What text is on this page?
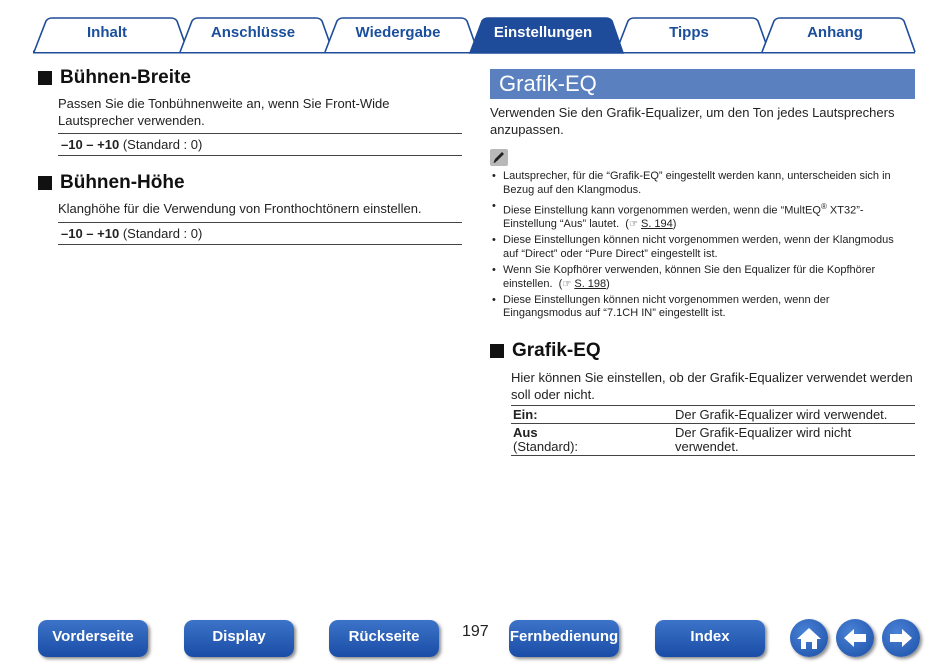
Inhalt	Anschlüsse	Wiedergabe	Einstellungen	Tipps	Anhang
Bühnen-Breite
Passen Sie die Tonbühnenweite an, wenn Sie Front-Wide Lautsprecher verwenden.
–10 – +10 (Standard : 0)
Bühnen-Höhe
Klanghöhe für die Verwendung von Fronthochtönern einstellen.
–10 – +10 (Standard : 0)
Grafik-EQ
Verwenden Sie den Grafik-Equalizer, um den Ton jedes Lautsprechers anzupassen.
• Lautsprecher, für die “Grafik-EQ” eingestellt werden kann, unterscheiden sich in Bezug auf den Klangmodus.
• Diese Einstellung kann vorgenommen werden, wenn die “MultEQ® XT32”-Einstellung “Aus” lautet.  (☞ S. 194)
• Diese Einstellungen können nicht vorgenommen werden, wenn der Klangmodus auf “Direct” oder “Pure Direct” eingestellt ist.
• Wenn Sie Kopfhörer verwenden, können Sie den Equalizer für die Kopfhörer einstellen.  (☞ S. 198)
• Diese Einstellungen können nicht vorgenommen werden, wenn der Eingangsmodus auf “7.1CH IN” eingestellt ist.
Grafik-EQ
Hier können Sie einstellen, ob der Grafik-Equalizer verwendet werden soll oder nicht.
Ein:	Der Grafik-Equalizer wird verwendet.
Aus
(Standard):	Der Grafik-Equalizer wird nicht verwendet.
Vorderseite	Display	Rückseite	197 Fernbedienung	Index
